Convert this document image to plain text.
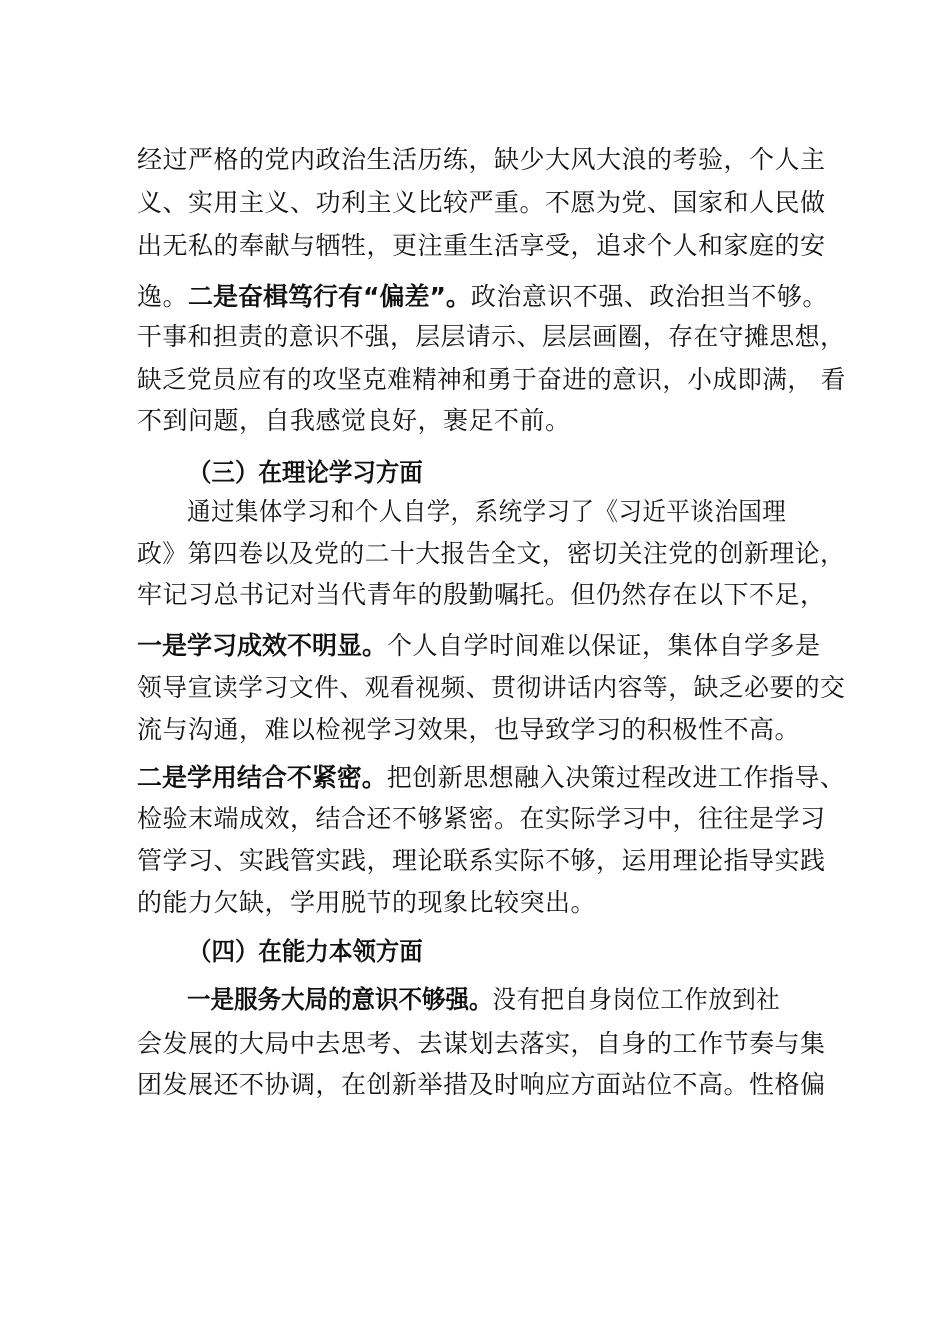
经过严格的党内政治生活历练，缺少大风大浪的考验，个人主
义、实用主义、功利主义比较严重。不愿为党、国家和人民做
出无私的奉献与牺牲，更注重生活享受，追求个人和家庭的安
逸。二是奋楫笃行有“偏差”。政治意识不强、政治担当不够。
干事和担责的意识不强，层层请示、层层画圈，存在守摊思想，
缺乏党员应有的攻坚克难精神和勇于奋进的意识，小成即满， 看
不到问题，自我感觉良好，裹足不前。
（三）在理论学习方面
通过集体学习和个人自学，系统学习了《习近平谈治国理
政》第四卷以及党的二十大报告全文，密切关注党的创新理论，
牢记习总书记对当代青年的殷勤嘱托。但仍然存在以下不足，
一是学习成效不明显。个人自学时间难以保证，集体自学多是
领导宣读学习文件、观看视频、贯彻讲话内容等，缺乏必要的交
流与沟通，难以检视学习效果，也导致学习的积极性不高。
二是学用结合不紧密。把创新思想融入决策过程改进工作指导、
检验末端成效，结合还不够紧密。在实际学习中，往往是学习
管学习、实践管实践，理论联系实际不够，运用理论指导实践
的能力欠缺，学用脱节的现象比较突出。
（四）在能力本领方面
一是服务大局的意识不够强。没有把自身岗位工作放到社
会发展的大局中去思考、去谋划去落实，自身的工作节奏与集
团发展还不协调，在创新举措及时响应方面站位不高。性格偏
